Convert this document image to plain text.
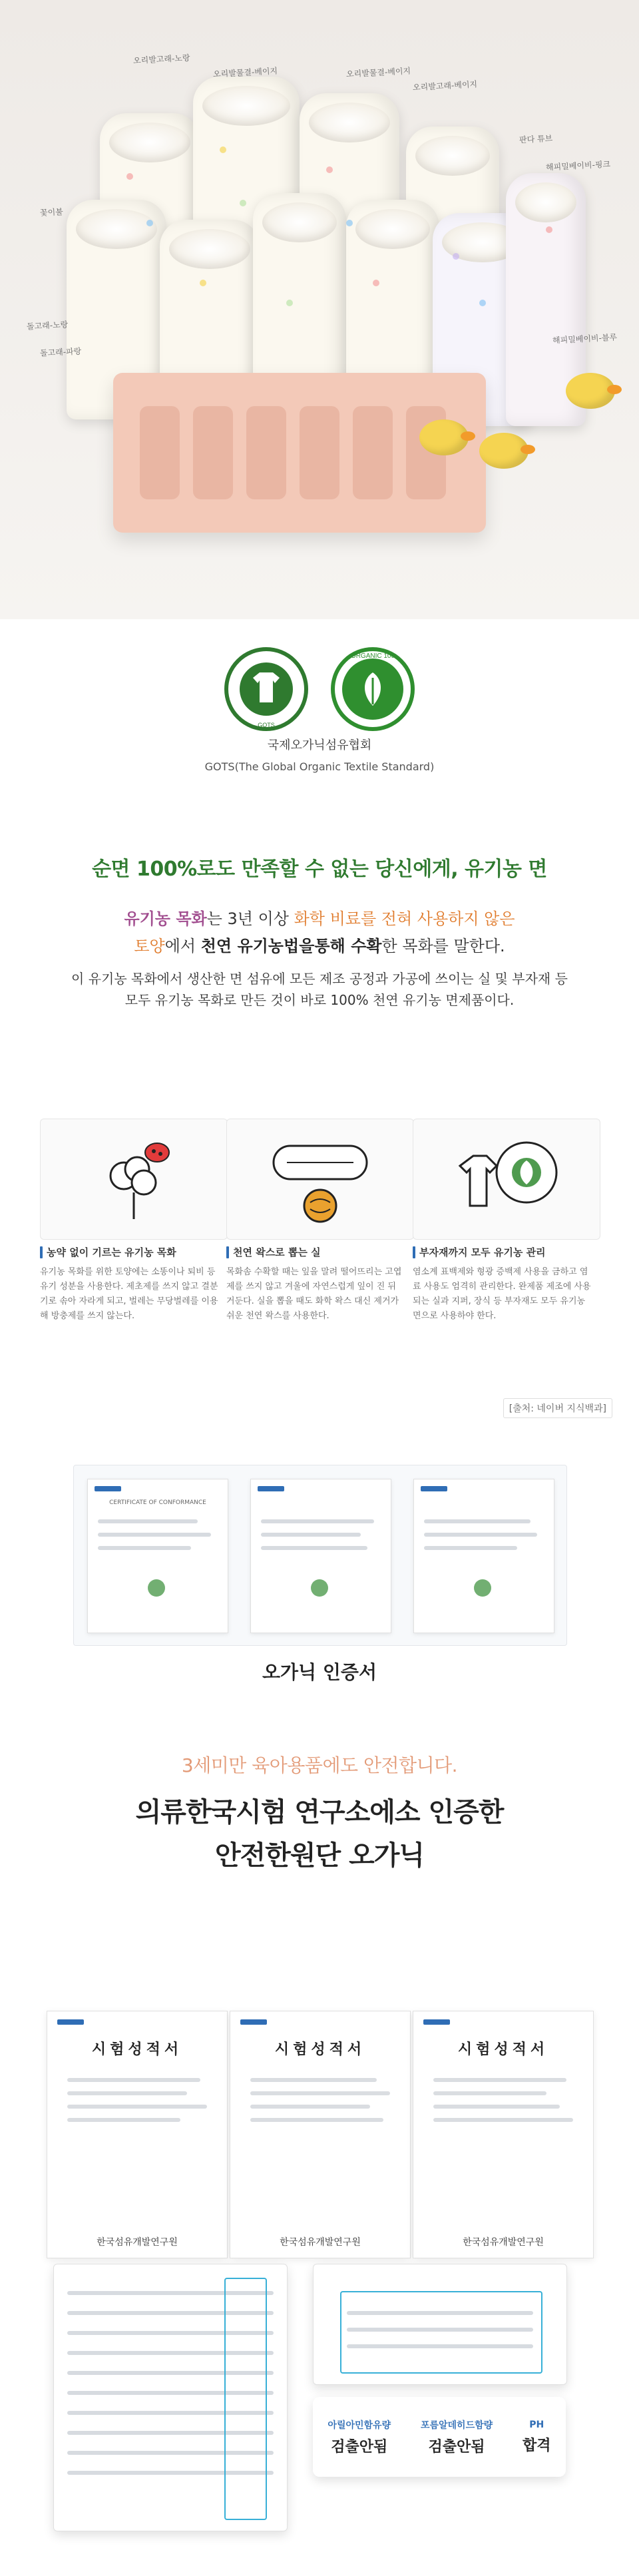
오리발고래-노랑
오리발물결-베이지	오리발물결-베이지
판다 튜브
오리발고래-베이지
꽃이불
해피밀베이비-핑크
해피밀베이비-블루
돌고래-노랑
돌고래-파랑
GOTS
ORGANIC 100
국제오가닉섬유협회
GOTS(The Global Organic Textile Standard)
순면 100%로도 만족할 수 없는 당신에게, 유기농 면
유기농 목화는 3년 이상 화학 비료를 전혀 사용하지 않은
토양에서 천연 유기농법을통해 수확한 목화를 말한다.
이 유기농 목화에서 생산한 면 섬유에 모든 제조 공정과 가공에 쓰이는 실 및 부자재 등
모두 유기농 목화로 만든 것이 바로 100% 천연 유기농 면제품이다.
농약 없이 기르는 유기농 목화
유기농 목화를 위한 토양에는 소똥이나 퇴비 등 유기 성분을 사용한다. 제초제를 쓰지 않고 결분기로 솎아 자라게 되고, 벌레는 무당벌레를 이용해 방충제를 쓰지 않는다.
천연 왁스로 뽑는 실
목화솜 수확할 때는 잎을 말려 떨어뜨리는 고엽제를 쓰지 않고 겨울에 자연스럽게 잎이 진 뒤 거둔다. 실을 뽑을 때도 화학 왁스 대신 제거가 쉬운 천연 왁스를 사용한다.
부자재까지 모두 유기농 관리
염소계 표백제와 형광 증백제 사용을 금하고 염료 사용도 엄격히 관리한다. 완제품 제조에 사용되는 실과 지퍼, 장식 등 부자재도 모두 유기농 면으로 사용하야 한다.
[출처: 네이버 지식백과]
CERTIFICATE OF CONFORMANCE
오가닉 인증서
3세미만 육아용품에도 안전합니다.
의류한국시험 연구소에소 인증한
안전한원단 오가닉
시험성적서
한국섬유개발연구원
시험성적서
한국섬유개발연구원
시험성적서
한국섬유개발연구원
아릴아민함유량
검출안됨
포름알데히드함량
검출안됨
PH
합격
